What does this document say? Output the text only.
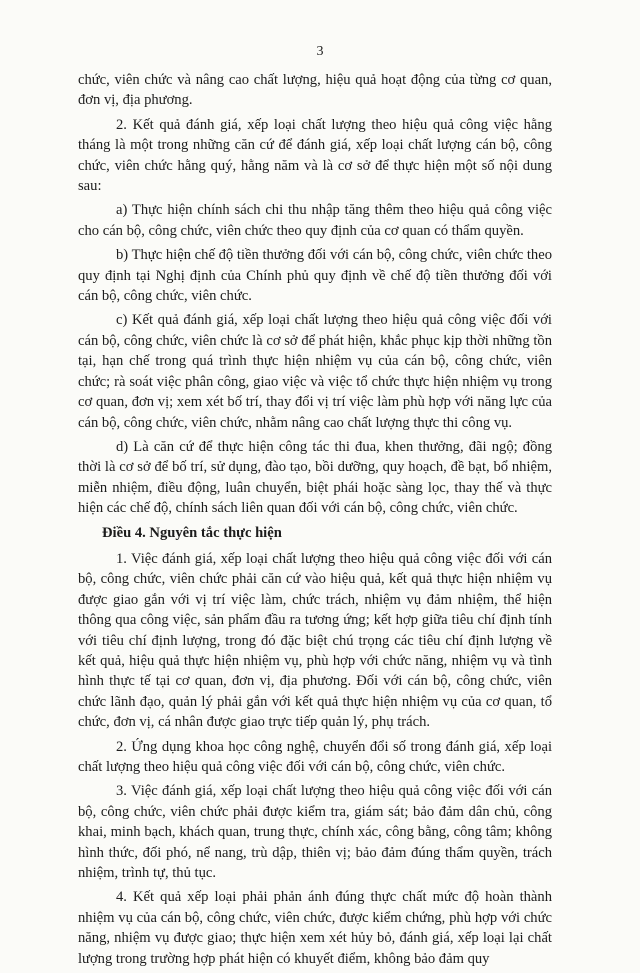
3

chức, viên chức và nâng cao chất lượng, hiệu quả hoạt động của từng cơ quan, đơn vị, địa phương.

2. Kết quả đánh giá, xếp loại chất lượng theo hiệu quả công việc hằng tháng là một trong những căn cứ để đánh giá, xếp loại chất lượng cán bộ, công chức, viên chức hằng quý, hằng năm và là cơ sở để thực hiện một số nội dung sau:

a) Thực hiện chính sách chi thu nhập tăng thêm theo hiệu quả công việc cho cán bộ, công chức, viên chức theo quy định của cơ quan có thẩm quyền.

b) Thực hiện chế độ tiền thưởng đối với cán bộ, công chức, viên chức theo quy định tại Nghị định của Chính phủ quy định về chế độ tiền thưởng đối với cán bộ, công chức, viên chức.

c) Kết quả đánh giá, xếp loại chất lượng theo hiệu quả công việc đối với cán bộ, công chức, viên chức là cơ sở để phát hiện, khắc phục kịp thời những tồn tại, hạn chế trong quá trình thực hiện nhiệm vụ của cán bộ, công chức, viên chức; rà soát việc phân công, giao việc và việc tổ chức thực hiện nhiệm vụ trong cơ quan, đơn vị; xem xét bố trí, thay đổi vị trí việc làm phù hợp với năng lực của cán bộ, công chức, viên chức, nhằm nâng cao chất lượng thực thi công vụ.

d) Là căn cứ để thực hiện công tác thi đua, khen thưởng, đãi ngộ; đồng thời là cơ sở để bố trí, sử dụng, đào tạo, bồi dưỡng, quy hoạch, đề bạt, bổ nhiệm, miễn nhiệm, điều động, luân chuyển, biệt phái hoặc sàng lọc, thay thế và thực hiện các chế độ, chính sách liên quan đối với cán bộ, công chức, viên chức.

Điều 4. Nguyên tắc thực hiện

1. Việc đánh giá, xếp loại chất lượng theo hiệu quả công việc đối với cán bộ, công chức, viên chức phải căn cứ vào hiệu quả, kết quả thực hiện nhiệm vụ được giao gắn với vị trí việc làm, chức trách, nhiệm vụ đảm nhiệm, thể hiện thông qua công việc, sản phẩm đầu ra tương ứng; kết hợp giữa tiêu chí định tính với tiêu chí định lượng, trong đó đặc biệt chú trọng các tiêu chí định lượng về kết quả, hiệu quả thực hiện nhiệm vụ, phù hợp với chức năng, nhiệm vụ và tình hình thực tế tại cơ quan, đơn vị, địa phương. Đối với cán bộ, công chức, viên chức lãnh đạo, quản lý phải gắn với kết quả thực hiện nhiệm vụ của cơ quan, tổ chức, đơn vị, cá nhân được giao trực tiếp quản lý, phụ trách.

2. Ứng dụng khoa học công nghệ, chuyển đổi số trong đánh giá, xếp loại chất lượng theo hiệu quả công việc đối với cán bộ, công chức, viên chức.

3. Việc đánh giá, xếp loại chất lượng theo hiệu quả công việc đối với cán bộ, công chức, viên chức phải được kiểm tra, giám sát; bảo đảm dân chủ, công khai, minh bạch, khách quan, trung thực, chính xác, công bằng, công tâm; không hình thức, đối phó, nể nang, trù dập, thiên vị; bảo đảm đúng thẩm quyền, trách nhiệm, trình tự, thủ tục.

4. Kết quả xếp loại phải phản ánh đúng thực chất mức độ hoàn thành nhiệm vụ của cán bộ, công chức, viên chức, được kiểm chứng, phù hợp với chức năng, nhiệm vụ được giao; thực hiện xem xét hủy bỏ, đánh giá, xếp loại lại chất lượng trong trường hợp phát hiện có khuyết điểm, không bảo đảm quy
